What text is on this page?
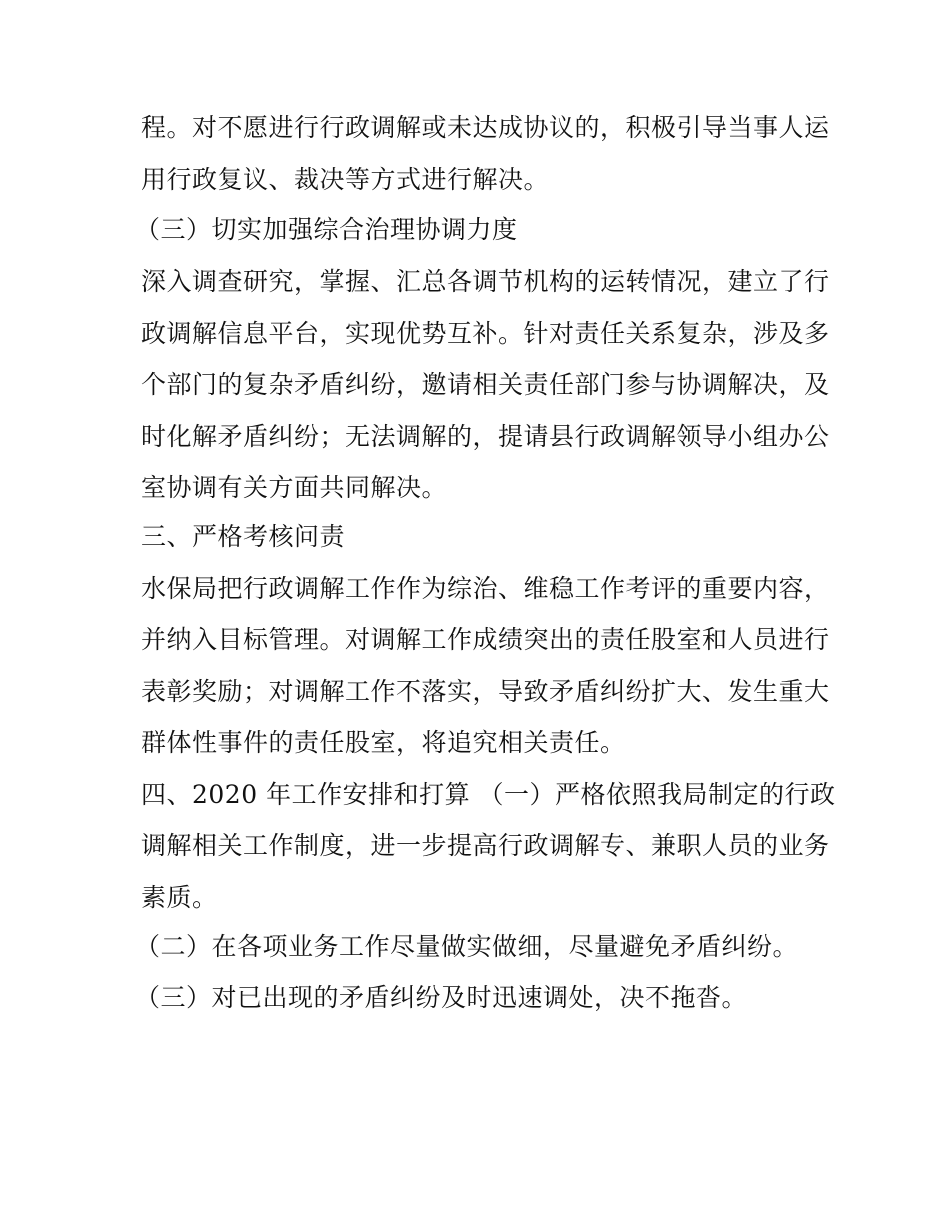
程。对不愿进行行政调解或未达成协议的，积极引导当事人运
用行政复议、裁决等方式进行解决。
（三）切实加强综合治理协调力度
深入调查研究，掌握、汇总各调节机构的运转情况，建立了行
政调解信息平台，实现优势互补。针对责任关系复杂，涉及多
个部门的复杂矛盾纠纷，邀请相关责任部门参与协调解决，及
时化解矛盾纠纷；无法调解的，提请县行政调解领导小组办公
室协调有关方面共同解决。
三、严格考核问责
水保局把行政调解工作作为综治、维稳工作考评的重要内容，
并纳入目标管理。对调解工作成绩突出的责任股室和人员进行
表彰奖励；对调解工作不落实，导致矛盾纠纷扩大、发生重大
群体性事件的责任股室，将追究相关责任。
四、2020 年工作安排和打算 （一）严格依照我局制定的行政
调解相关工作制度，进一步提高行政调解专、兼职人员的业务
素质。
（二）在各项业务工作尽量做实做细，尽量避免矛盾纠纷。
（三）对已出现的矛盾纠纷及时迅速调处，决不拖沓。
